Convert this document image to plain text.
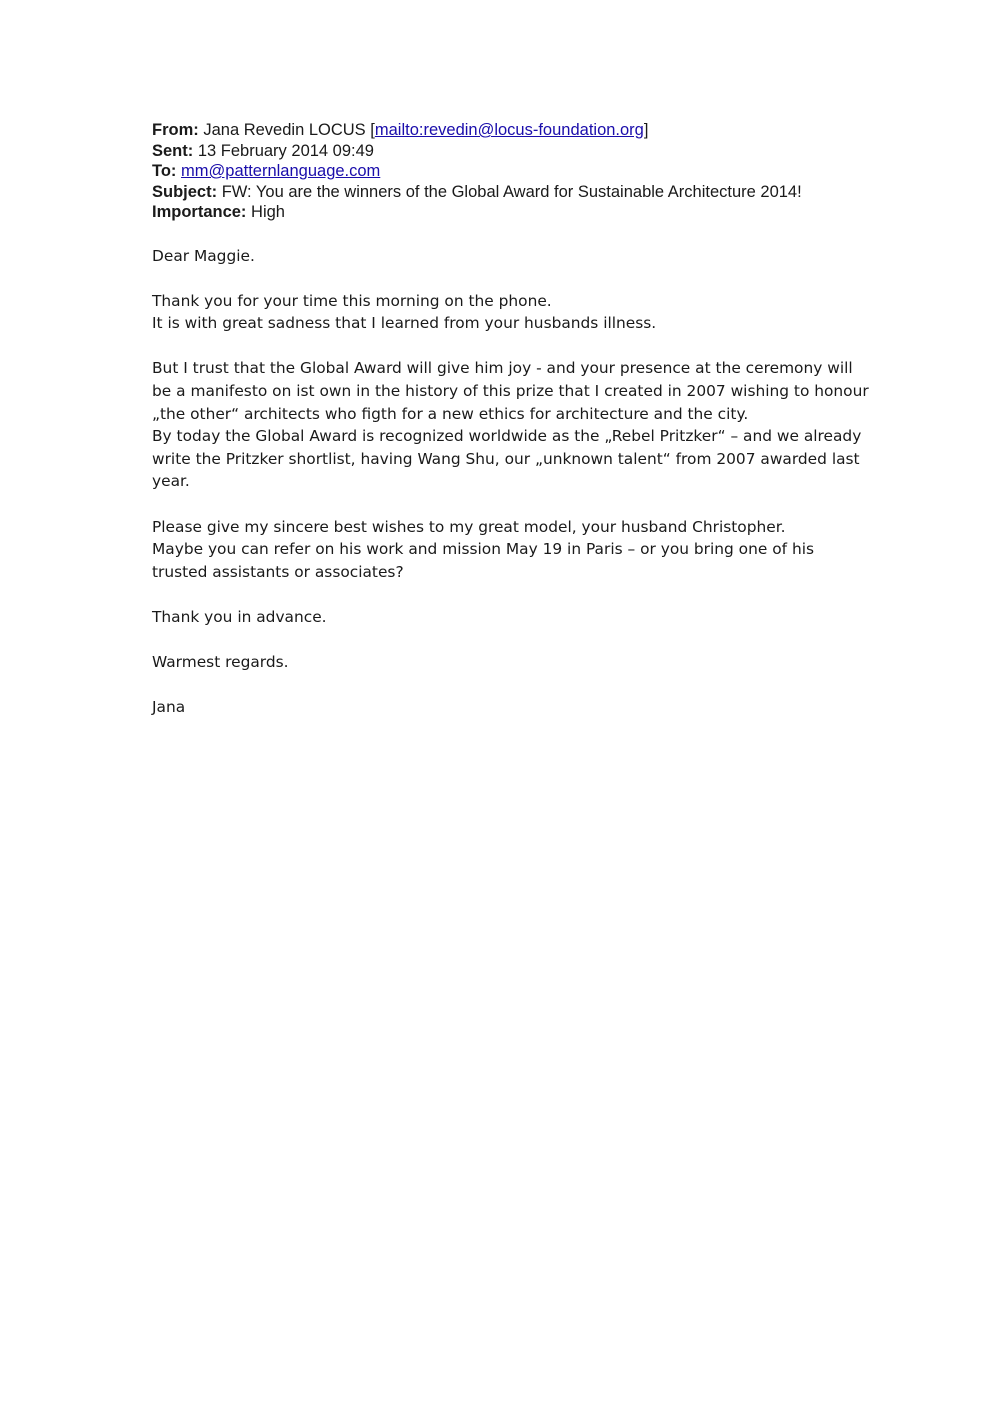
From: Jana Revedin LOCUS [mailto:revedin@locus-foundation.org]
Sent: 13 February 2014 09:49
To: mm@patternlanguage.com
Subject: FW: You are the winners of the Global Award for Sustainable Architecture 2014!
Importance: High

Dear Maggie.

Thank you for your time this morning on the phone.
It is with great sadness that I learned from your husbands illness.

But I trust that the Global Award will give him joy - and your presence at the ceremony will
be a manifesto on ist own in the history of this prize that I created in 2007 wishing to honour
„the other“ architects who figth for a new ethics for architecture and the city.
By today the Global Award is recognized worldwide as the „Rebel Pritzker“ – and we already
write the Pritzker shortlist, having Wang Shu, our „unknown talent“ from 2007 awarded last
year.

Please give my sincere best wishes to my great model, your husband Christopher.
Maybe you can refer on his work and mission May 19 in Paris – or you bring one of his
trusted assistants or associates?

Thank you in advance.

Warmest regards.

Jana
